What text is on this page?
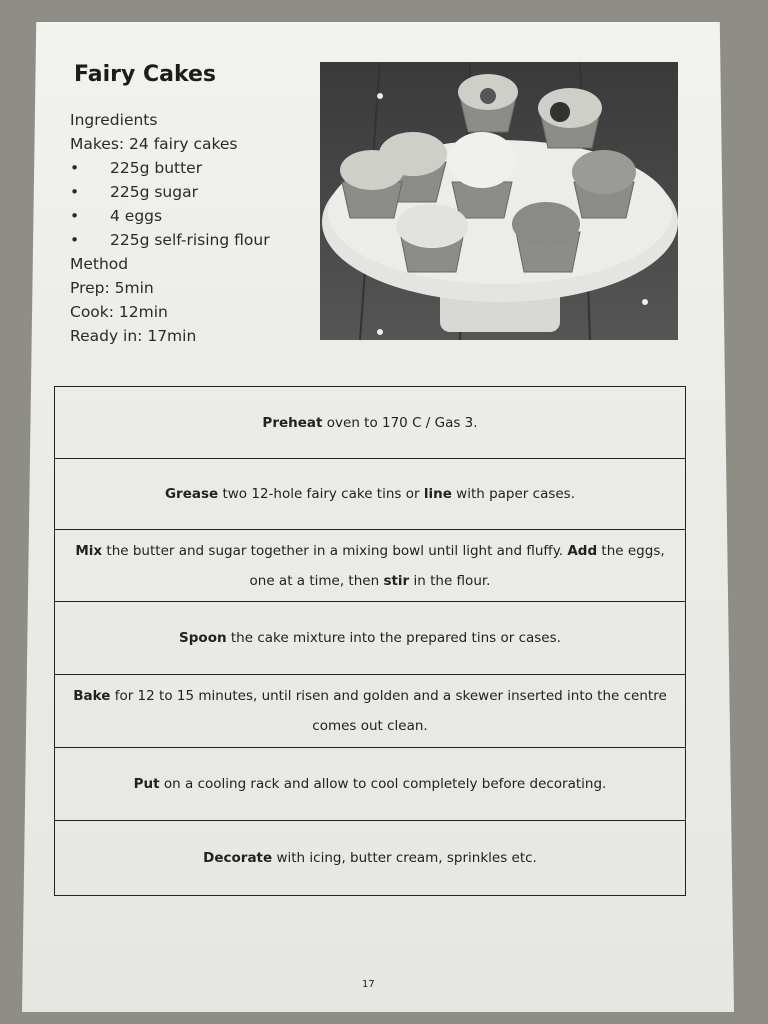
Fairy Cakes
Ingredients
Makes: 24 fairy cakes
• 225g butter
• 225g sugar
• 4 eggs
• 225g self-rising flour
Method
Prep: 5min
Cook: 12min
Ready in: 17min
Preheat oven to 170 C / Gas 3.
Grease two 12-hole fairy cake tins or line with paper cases.
Mix the butter and sugar together in a mixing bowl until light and fluffy. Add the eggs, one at a time, then stir in the flour.
Spoon the cake mixture into the prepared tins or cases.
Bake for 12 to 15 minutes, until risen and golden and a skewer inserted into the centre comes out clean.
Put on a cooling rack and allow to cool completely before decorating.
Decorate with icing, butter cream, sprinkles etc.
17
